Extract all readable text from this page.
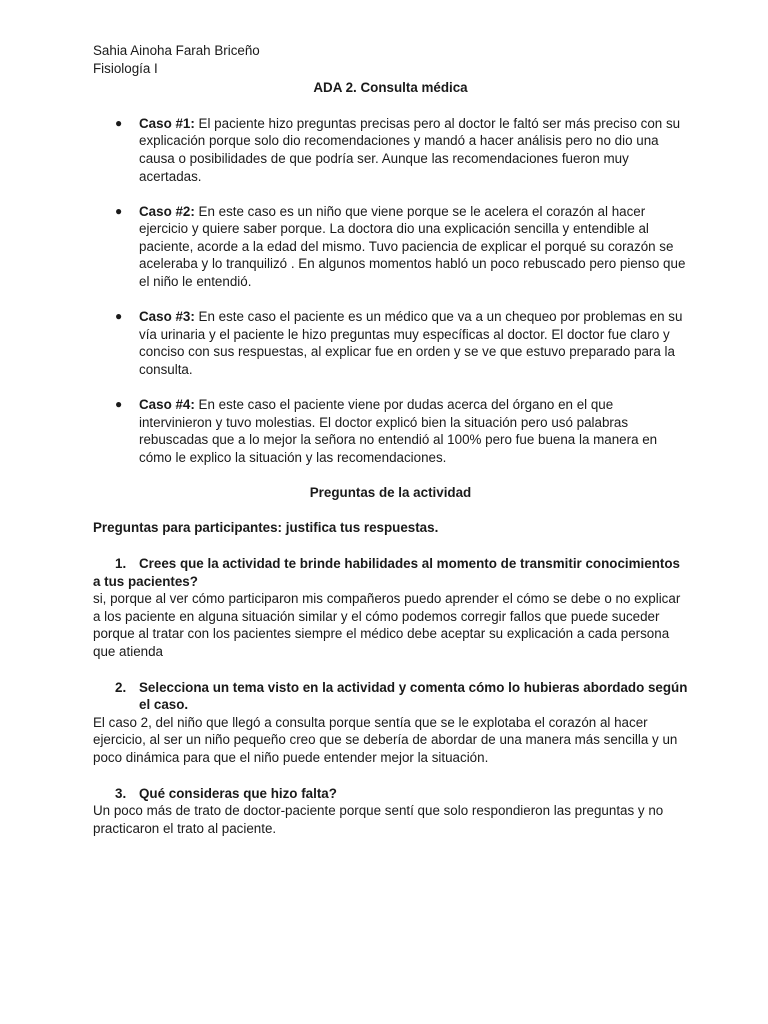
Sahia Ainoha Farah Briceño

Fisiología I

ADA 2. Consulta médica

● Caso #1: El paciente hizo preguntas precisas pero al doctor le faltó ser más preciso con su explicación porque solo dio recomendaciones y mandó a hacer análisis pero no dio una causa o posibilidades de que podría ser. Aunque las recomendaciones fueron muy acertadas.
● Caso #2: En este caso es un niño que viene porque se le acelera el corazón al hacer ejercicio y quiere saber porque. La doctora dio una explicación sencilla y entendible al paciente, acorde a la edad del mismo. Tuvo paciencia de explicar el porqué su corazón se aceleraba y lo tranquilizó . En algunos momentos habló un poco rebuscado pero pienso que el niño le entendió.
● Caso #3: En este caso el paciente es un médico que va a un chequeo por problemas en su vía urinaria y el paciente le hizo preguntas muy específicas al doctor. El doctor fue claro y conciso con sus respuestas, al explicar fue en orden y se ve que estuvo preparado para la consulta.
● Caso #4: En este caso el paciente viene por dudas acerca del órgano en el que intervinieron y tuvo molestias. El doctor explicó bien la situación pero usó palabras rebuscadas que a lo mejor la señora no entendió al 100% pero fue buena la manera en cómo le explico la situación y las recomendaciones.

Preguntas de la actividad

Preguntas para participantes: justifica tus respuestas.

1. Crees que la actividad te brinde habilidades al momento de transmitir conocimientos a tus pacientes?

si, porque al ver cómo participaron mis compañeros puedo aprender el cómo se debe o no explicar a los paciente en alguna situación similar y el cómo podemos corregir fallos que puede suceder porque al tratar con los pacientes siempre el médico debe aceptar su explicación a cada persona que atienda

2. Selecciona un tema visto en la actividad y comenta cómo lo hubieras abordado según el caso.

El caso 2, del niño que llegó a consulta porque sentía que se le explotaba el corazón al hacer ejercicio, al ser un niño pequeño creo que se debería de abordar de una manera más sencilla y un poco dinámica para que el niño puede entender mejor la situación.

3. Qué consideras que hizo falta?

Un poco más de trato de doctor-paciente porque sentí que solo respondieron las preguntas y no practicaron el trato al paciente.
